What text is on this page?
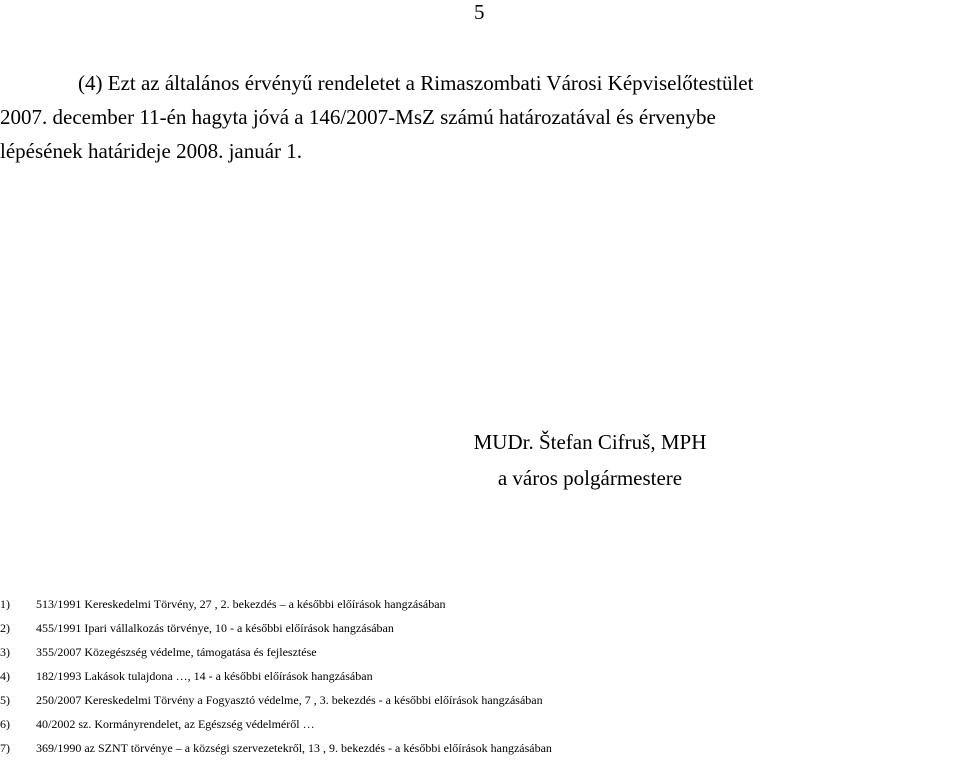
5
(4) Ezt az általános érvényű rendeletet a Rimaszombati Városi Képviselőtestület
2007. december 11-én hagyta jóvá a 146/2007-MsZ számú határozatával és érvenybe
lépésének határideje 2008. január 1.
MUDr. Štefan Cifruš, MPH
a város polgármestere
1)	513/1991 Kereskedelmi Törvény, 27 , 2. bekezdés – a későbbi előírások hangzásában
2)	455/1991 Ipari vállalkozás törvénye, 10 - a későbbi előírások hangzásában
3)	355/2007 Közegészség védelme, támogatása és fejlesztése
4)	182/1993 Lakások tulajdona …, 14 - a későbbi előírások hangzásában
5)	250/2007 Kereskedelmi Törvény a Fogyasztó védelme, 7 , 3. bekezdés - a későbbi előírások hangzásában
6)	40/2002 sz. Kormányrendelet, az Egészség védelméről …
7)	369/1990 az SZNT törvénye – a községi szervezetekről, 13 , 9. bekezdés - a későbbi előírások hangzásában
